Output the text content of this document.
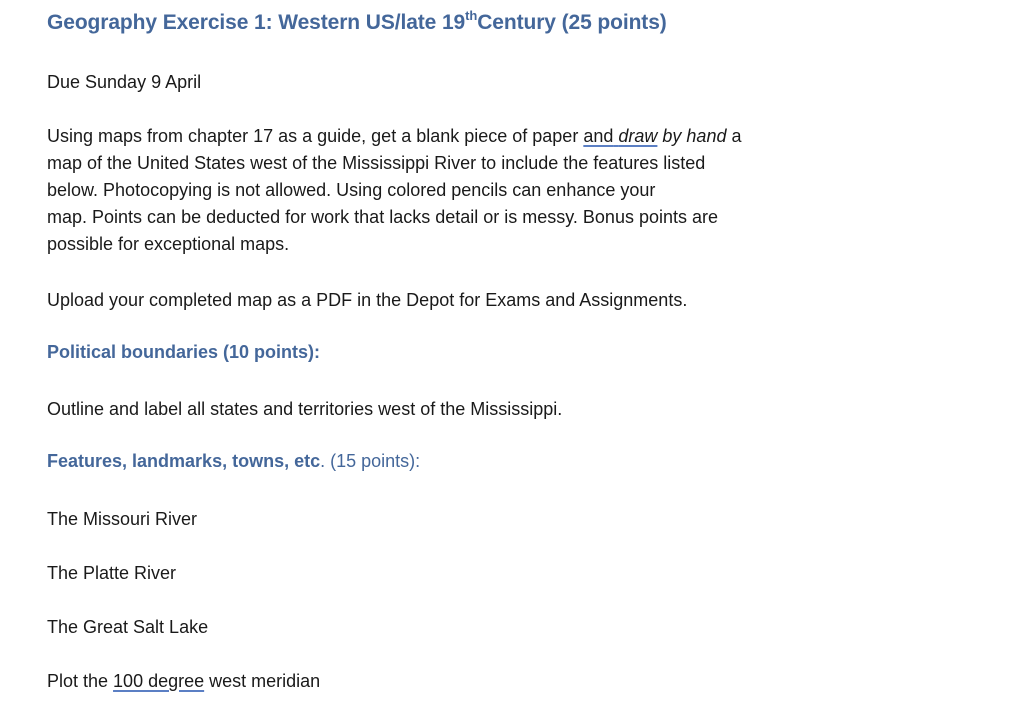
Geography Exercise 1: Western US/late 19thCentury (25 points)
Due Sunday 9 April
Using maps from chapter 17 as a guide, get a blank piece of paper and draw by hand a
map of the United States west of the Mississippi River to include the features listed
below. Photocopying is not allowed. Using colored pencils can enhance your
map. Points can be deducted for work that lacks detail or is messy. Bonus points are
possible for exceptional maps.
Upload your completed map as a PDF in the Depot for Exams and Assignments.
Political boundaries (10 points):
Outline and label all states and territories west of the Mississippi.
Features, landmarks, towns, etc. (15 points):
The Missouri River
The Platte River
The Great Salt Lake
Plot the 100 degree west meridian
